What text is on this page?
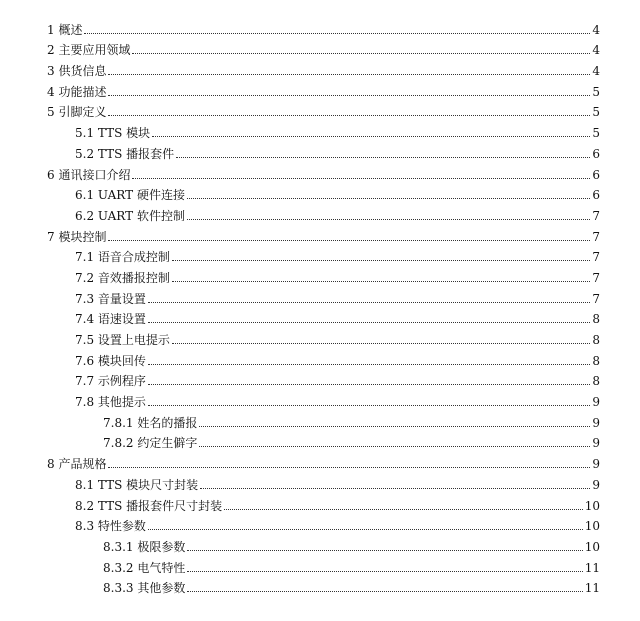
1 概述	4
2 主要应用领域	4
3 供货信息	4
4 功能描述	5
5 引脚定义	5
5.1 TTS 模块	5
5.2 TTS 播报套件	6
6 通讯接口介绍	6
6.1 UART 硬件连接	6
6.2 UART 软件控制	7
7 模块控制	7
7.1 语音合成控制	7
7.2 音效播报控制	7
7.3 音量设置	7
7.4 语速设置	8
7.5 设置上电提示	8
7.6 模块回传	8
7.7 示例程序	8
7.8 其他提示	9
7.8.1 姓名的播报	9
7.8.2 约定生僻字	9
8 产品规格	9
8.1 TTS 模块尺寸封装	9
8.2 TTS 播报套件尺寸封装	10
8.3 特性参数	10
8.3.1 极限参数	10
8.3.2 电气特性	11
8.3.3 其他参数	11
